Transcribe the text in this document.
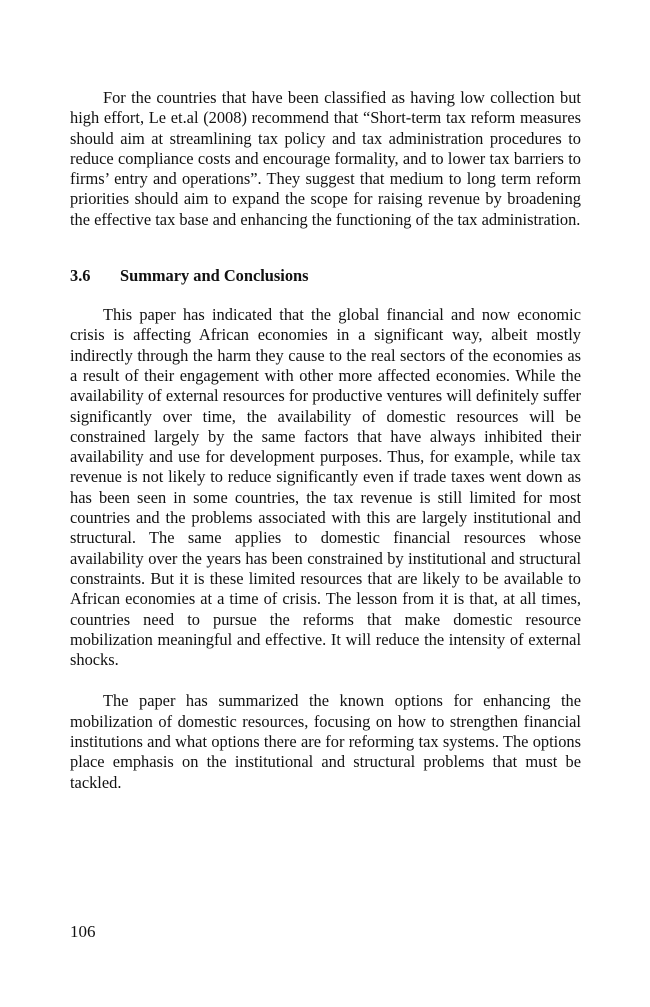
For the countries that have been classified as having low collection but high effort, Le et.al (2008) recommend that “Short-term tax reform measures should aim at streamlining tax policy and tax administration procedures to reduce compliance costs and encourage formality, and to lower tax barriers to firms’ entry and operations”. They suggest that medium to long term reform priorities should aim to expand the scope for raising revenue by broadening the effective tax base and enhancing the functioning of the tax administration.

3.6	Summary and Conclusions

This paper has indicated that the global financial and now economic crisis is affecting African economies in a significant way, albeit mostly indirectly through the harm they cause to the real sectors of the economies as a result of their engagement with other more affected economies. While the availability of external resources for productive ventures will definitely suffer significantly over time, the availability of domestic resources will be constrained largely by the same factors that have always inhibited their availability and use for development purposes. Thus, for example, while tax revenue is not likely to reduce significantly even if trade taxes went down as has been seen in some countries, the tax revenue is still limited for most countries and the problems associated with this are largely institutional and structural. The same applies to domestic financial resources whose availability over the years has been constrained by institutional and structural constraints. But it is these limited resources that are likely to be available to African economies at a time of crisis. The lesson from it is that, at all times, countries need to pursue the reforms that make domestic resource mobilization meaningful and effective. It will reduce the intensity of external shocks.

The paper has summarized the known options for enhancing the mobilization of domestic resources, focusing on how to strengthen financial institutions and what options there are for reforming tax systems. The options place emphasis on the institutional and structural problems that must be tackled.

106
